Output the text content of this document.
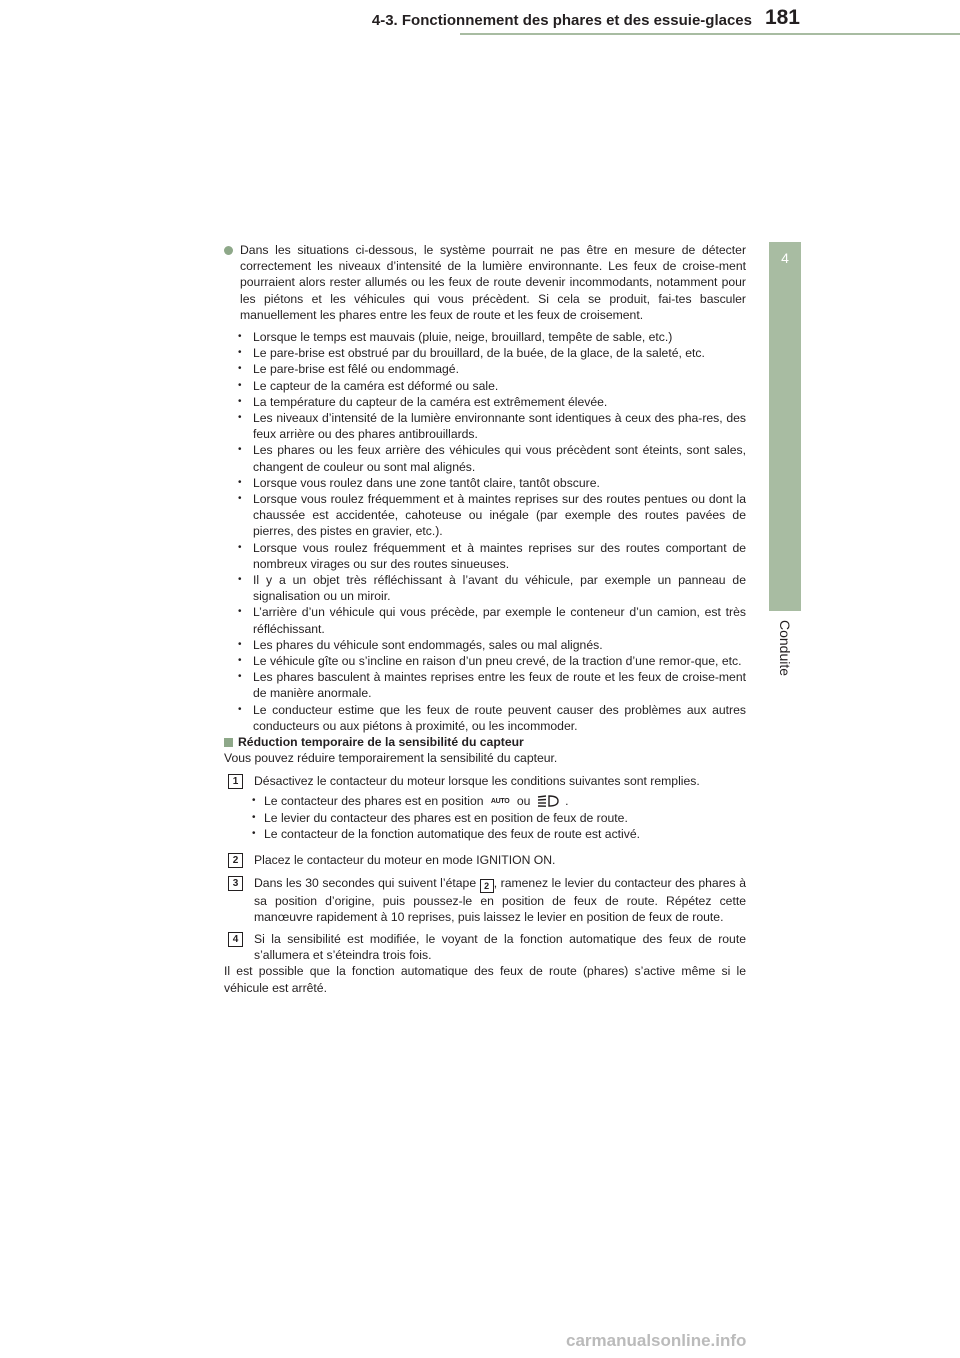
4-3. Fonctionnement des phares et des essuie-glaces 181
4
Conduite

Dans les situations ci-dessous, le système pourrait ne pas être en mesure de détecter correctement les niveaux d’intensité de la lumière environnante. Les feux de croise-ment pourraient alors rester allumés ou les feux de route devenir incommodants, notamment pour les piétons et les véhicules qui vous précèdent. Si cela se produit, fai-tes basculer manuellement les phares entre les feux de route et les feux de croisement.

• Lorsque le temps est mauvais (pluie, neige, brouillard, tempête de sable, etc.)
• Le pare-brise est obstrué par du brouillard, de la buée, de la glace, de la saleté, etc.
• Le pare-brise est fêlé ou endommagé.
• Le capteur de la caméra est déformé ou sale.
• La température du capteur de la caméra est extrêmement élevée.
• Les niveaux d’intensité de la lumière environnante sont identiques à ceux des pha-res, des feux arrière ou des phares antibrouillards.
• Les phares ou les feux arrière des véhicules qui vous précèdent sont éteints, sont sales, changent de couleur ou sont mal alignés.
• Lorsque vous roulez dans une zone tantôt claire, tantôt obscure.
• Lorsque vous roulez fréquemment et à maintes reprises sur des routes pentues ou dont la chaussée est accidentée, cahoteuse ou inégale (par exemple des routes pavées de pierres, des pistes en gravier, etc.).
• Lorsque vous roulez fréquemment et à maintes reprises sur des routes comportant de nombreux virages ou sur des routes sinueuses.
• Il y a un objet très réfléchissant à l’avant du véhicule, par exemple un panneau de signalisation ou un miroir.
• L’arrière d’un véhicule qui vous précède, par exemple le conteneur d’un camion, est très réfléchissant.
• Les phares du véhicule sont endommagés, sales ou mal alignés.
• Le véhicule gîte ou s’incline en raison d’un pneu crevé, de la traction d’une remor-que, etc.
• Les phares basculent à maintes reprises entre les feux de route et les feux de croise-ment de manière anormale.
• Le conducteur estime que les feux de route peuvent causer des problèmes aux autres conducteurs ou aux piétons à proximité, ou les incommoder.

Réduction temporaire de la sensibilité du capteur

Vous pouvez réduire temporairement la sensibilité du capteur.

1	Désactivez le contacteur du moteur lorsque les conditions suivantes sont remplies.
• Le contacteur des phares est en position AUTO ou	.
• Le levier du contacteur des phares est en position de feux de route.
• Le contacteur de la fonction automatique des feux de route est activé.
2	Placez le contacteur du moteur en mode IGNITION ON.
3	Dans les 30 secondes qui suivent l’étape 2 , ramenez le levier du contacteur des phares à sa position d’origine, puis poussez-le en position de feux de route. Répétez cette manœuvre rapidement à 10 reprises, puis laissez le levier en position de feux de route.
4	Si la sensibilité est modifiée, le voyant de la fonction automatique des feux de route s’allumera et s’éteindra trois fois.

Il est possible que la fonction automatique des feux de route (phares) s’active même si le véhicule est arrêté.

carmanualsonline.info
